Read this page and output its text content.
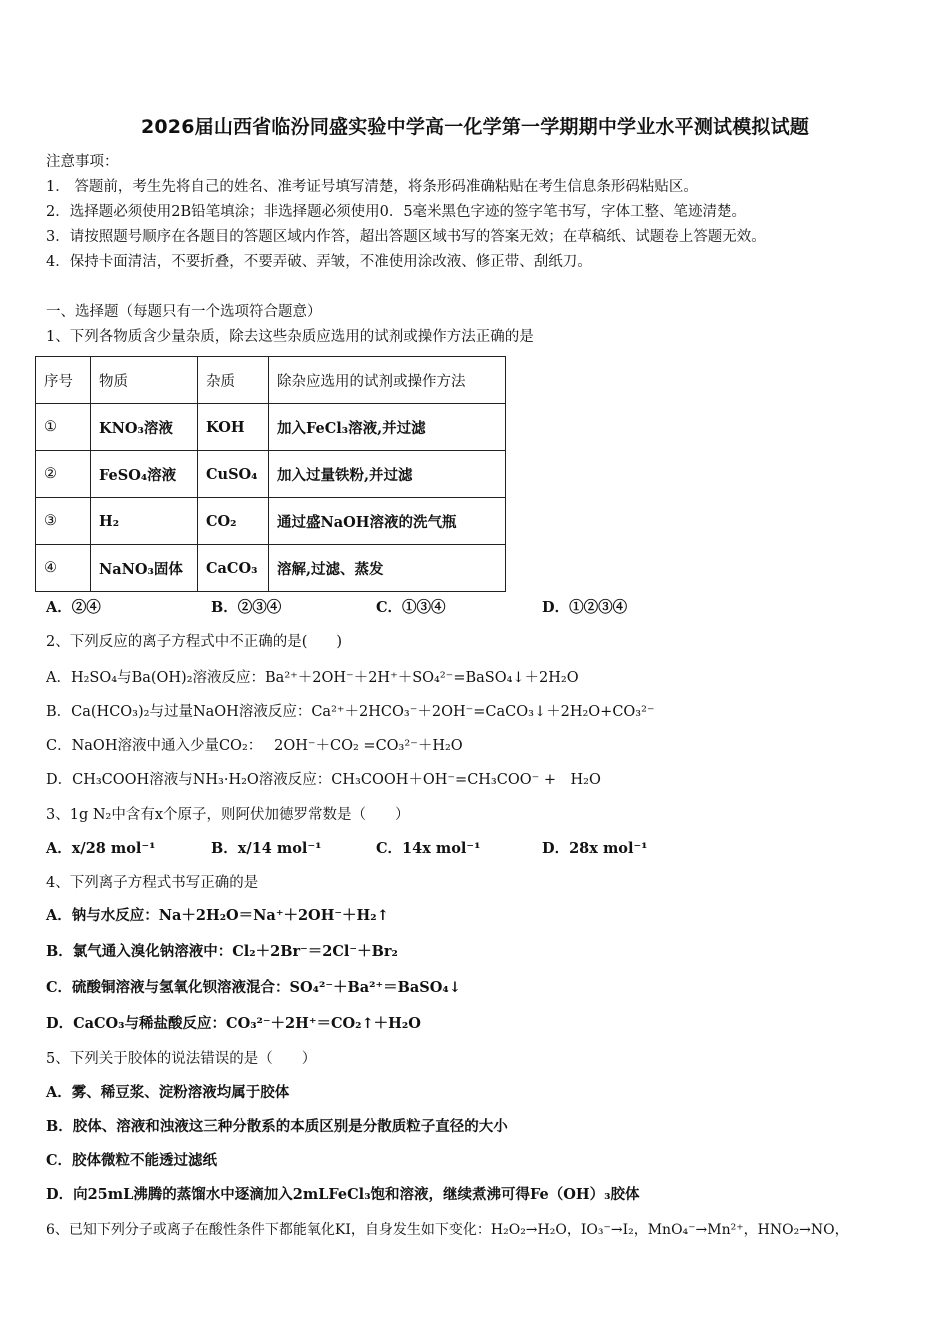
2026届山西省临汾同盛实验中学高一化学第一学期期中学业水平测试模拟试题
注意事项：
1． 答题前，考生先将自己的姓名、准考证号填写清楚，将条形码准确粘贴在考生信息条形码粘贴区。
2．选择题必须使用2B铅笔填涂；非选择题必须使用0．5毫米黑色字迹的签字笔书写，字体工整、笔迹清楚。
3．请按照题号顺序在各题目的答题区域内作答，超出答题区域书写的答案无效；在草稿纸、试题卷上答题无效。
4．保持卡面清洁，不要折叠，不要弄破、弄皱，不准使用涂改液、修正带、刮纸刀。
一、选择题（每题只有一个选项符合题意）
1、下列各物质含少量杂质，除去这些杂质应选用的试剂或操作方法正确的是
序号	物质	杂质	除杂应选用的试剂或操作方法
①	KNO₃溶液	KOH	加入FeCl₃溶液,并过滤
②	FeSO₄溶液	CuSO₄	加入过量铁粉,并过滤
③	H₂	CO₂	通过盛NaOH溶液的洗气瓶
④	NaNO₃固体	CaCO₃	溶解,过滤、蒸发
A．②④	B．②③④	C．①③④	D．①②③④
2、下列反应的离子方程式中不正确的是(　　)
A．H₂SO₄与Ba(OH)₂溶液反应：Ba²⁺＋2OH⁻＋2H⁺＋SO₄²⁻=BaSO₄↓＋2H₂O
B．Ca(HCO₃)₂与过量NaOH溶液反应：Ca²⁺＋2HCO₃⁻＋2OH⁻=CaCO₃↓＋2H₂O+CO₃²⁻
C．NaOH溶液中通入少量CO₂：　 2OH⁻＋CO₂ =CO₃²⁻＋H₂O
D．CH₃COOH溶液与NH₃·H₂O溶液反应：CH₃COOH＋OH⁻=CH₃COO⁻ +　H₂O
3、1g N₂中含有x个原子，则阿伏加德罗常数是（　　）
A．x/28 mol⁻¹	B．x/14 mol⁻¹	C．14x mol⁻¹	D．28x mol⁻¹
4、下列离子方程式书写正确的是
A．钠与水反应：Na＋2H₂O＝Na⁺＋2OH⁻＋H₂↑
B．氯气通入溴化钠溶液中：Cl₂＋2Br⁻＝2Cl⁻＋Br₂
C．硫酸铜溶液与氢氧化钡溶液混合：SO₄²⁻＋Ba²⁺＝BaSO₄↓
D．CaCO₃与稀盐酸反应：CO₃²⁻＋2H⁺＝CO₂↑＋H₂O
5、下列关于胶体的说法错误的是（　　）
A．雾、稀豆浆、淀粉溶液均属于胶体
B．胶体、溶液和浊液这三种分散系的本质区别是分散质粒子直径的大小
C．胶体微粒不能透过滤纸
D．向25mL沸腾的蒸馏水中逐滴加入2mLFeCl₃饱和溶液，继续煮沸可得Fe（OH）₃胶体
6、已知下列分子或离子在酸性条件下都能氧化KI，自身发生如下变化：H₂O₂→H₂O，IO₃⁻→I₂，MnO₄⁻→Mn²⁺，HNO₂→NO，
